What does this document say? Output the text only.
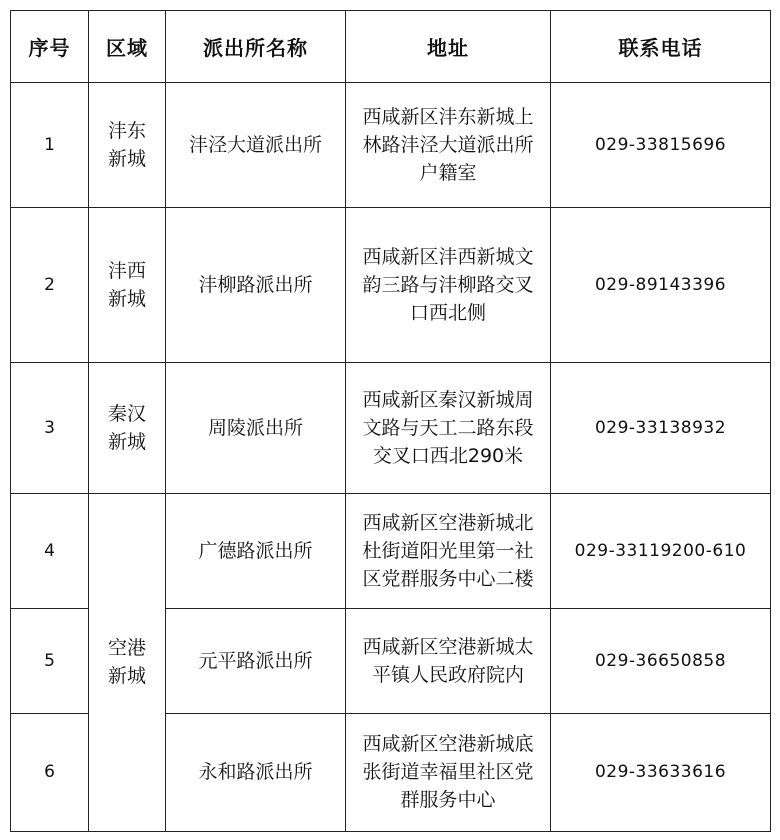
序号	区域	派出所名称	地址	联系电话
1	沣东新城	沣泾大道派出所	西咸新区沣东新城上林路沣泾大道派出所户籍室	029-33815696
2	沣西新城	沣柳路派出所	西咸新区沣西新城文韵三路与沣柳路交叉口西北侧	029-89143396
3	秦汉新城	周陵派出所	西咸新区秦汉新城周文路与天工二路东段交叉口西北290米	029-33138932
4	空港新城	广德路派出所	西咸新区空港新城北杜街道阳光里第一社区党群服务中心二楼	029-33119200-610
5		元平路派出所	西咸新区空港新城太平镇人民政府院内	029-36650858
6		永和路派出所	西咸新区空港新城底张街道幸福里社区党群服务中心	029-33633616
